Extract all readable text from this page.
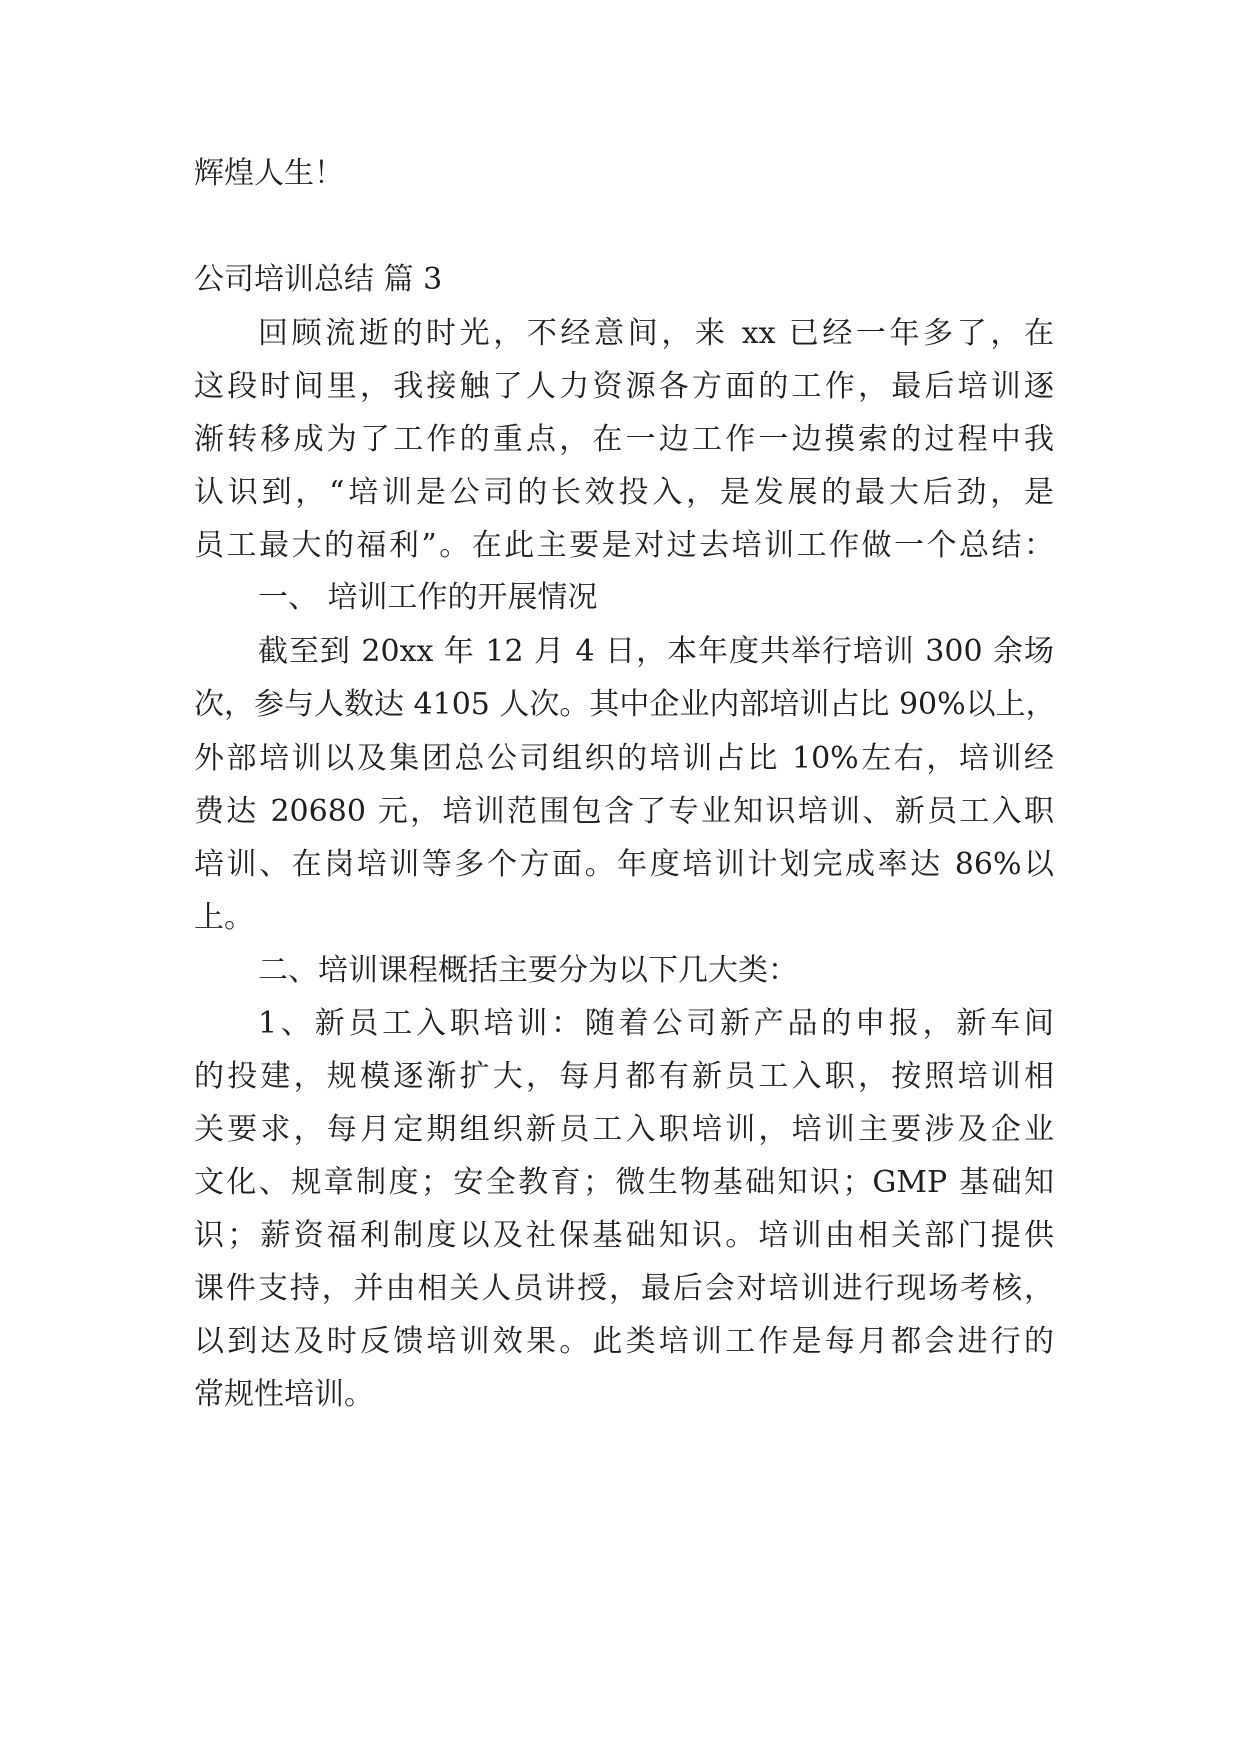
辉煌人生！
公司培训总结 篇 3
回顾流逝的时光，不经意间，来 xx 已经一年多了，在
这段时间里，我接触了人力资源各方面的工作，最后培训逐
渐转移成为了工作的重点，在一边工作一边摸索的过程中我
认识到，“培训是公司的长效投入，是发展的最大后劲，是
员工最大的福利”。在此主要是对过去培训工作做一个总结：
一、 培训工作的开展情况
截至到 20xx 年 12 月 4 日，本年度共举行培训 300 余场
次，参与人数达 4105 人次。其中企业内部培训占比 90%以上，
外部培训以及集团总公司组织的培训占比 10%左右，培训经
费达 20680 元，培训范围包含了专业知识培训、新员工入职
培训、在岗培训等多个方面。年度培训计划完成率达 86%以
上。
二、培训课程概括主要分为以下几大类：
1、新员工入职培训：随着公司新产品的申报，新车间
的投建，规模逐渐扩大，每月都有新员工入职，按照培训相
关要求，每月定期组织新员工入职培训，培训主要涉及企业
文化、规章制度；安全教育；微生物基础知识；GMP 基础知
识；薪资福利制度以及社保基础知识。培训由相关部门提供
课件支持，并由相关人员讲授，最后会对培训进行现场考核，
以到达及时反馈培训效果。此类培训工作是每月都会进行的
常规性培训。
